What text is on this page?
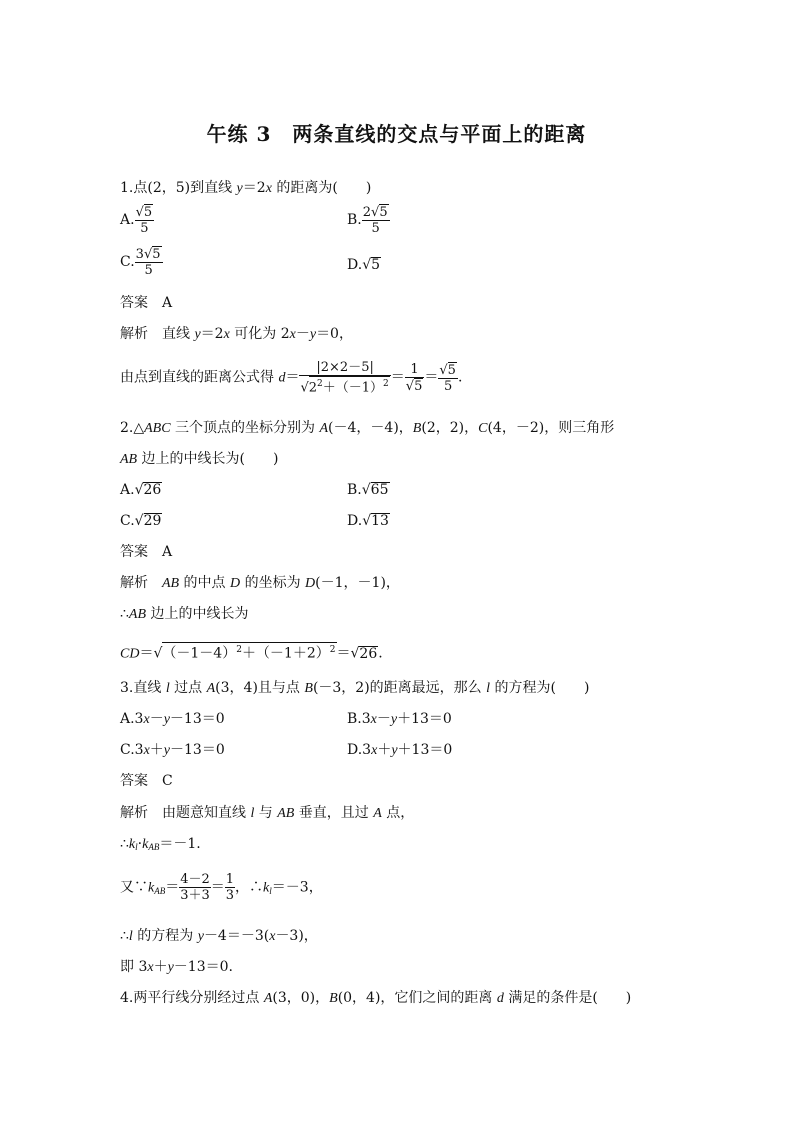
午练 3　两条直线的交点与平面上的距离
1.点(2，5)到直线 y＝2x 的距离为(　　)
A. $\frac{√5}{5}$	B. $\frac{2√5}{5}$
C. $\frac{3√5}{5}$	D.√5
答案　A
解析　直线 y＝2x 可化为 2x－y＝0，
由点到直线的距离公式得 $d= \frac{|2\times 2-5|}{√2^2+(-1)^2} = \frac{1}{√5} = \frac{√5}{5}$ .
2.△ABC 三个顶点的坐标分别为 A(－4，－4)，B(2，2)，C(4，－2)，则三角形
AB 边上的中线长为(　　)
A.√26	B.√65
C.√29	D.√13
答案　A
解析　AB 的中点 D 的坐标为 D(－1，－1)，
∴AB 边上的中线长为
$CD=√(-1-4)^2+(-1+2)^2=√26$.
3.直线 l 过点 A(3，4)且与点 B(－3，2)的距离最远，那么 l 的方程为(　　)
A.3x－y－13＝0	B.3x－y＋13＝0
C.3x＋y－13＝0	D.3x＋y＋13＝0
答案　C
解析　由题意知直线 l 与 AB 垂直，且过 A 点，
$\therefore k_l\cdot k_{AB}=-1$.
又$\because k_{AB}= \frac{4-2}{3+3} = \frac{1}{3}$ ，$\therefore k_l=-3$，
∴l 的方程为 y－4＝－3(x－3)，
即 3x＋y－13＝0.
4.两平行线分别经过点 A(3，0)，B(0，4)，它们之间的距离 d 满足的条件是(　　)
